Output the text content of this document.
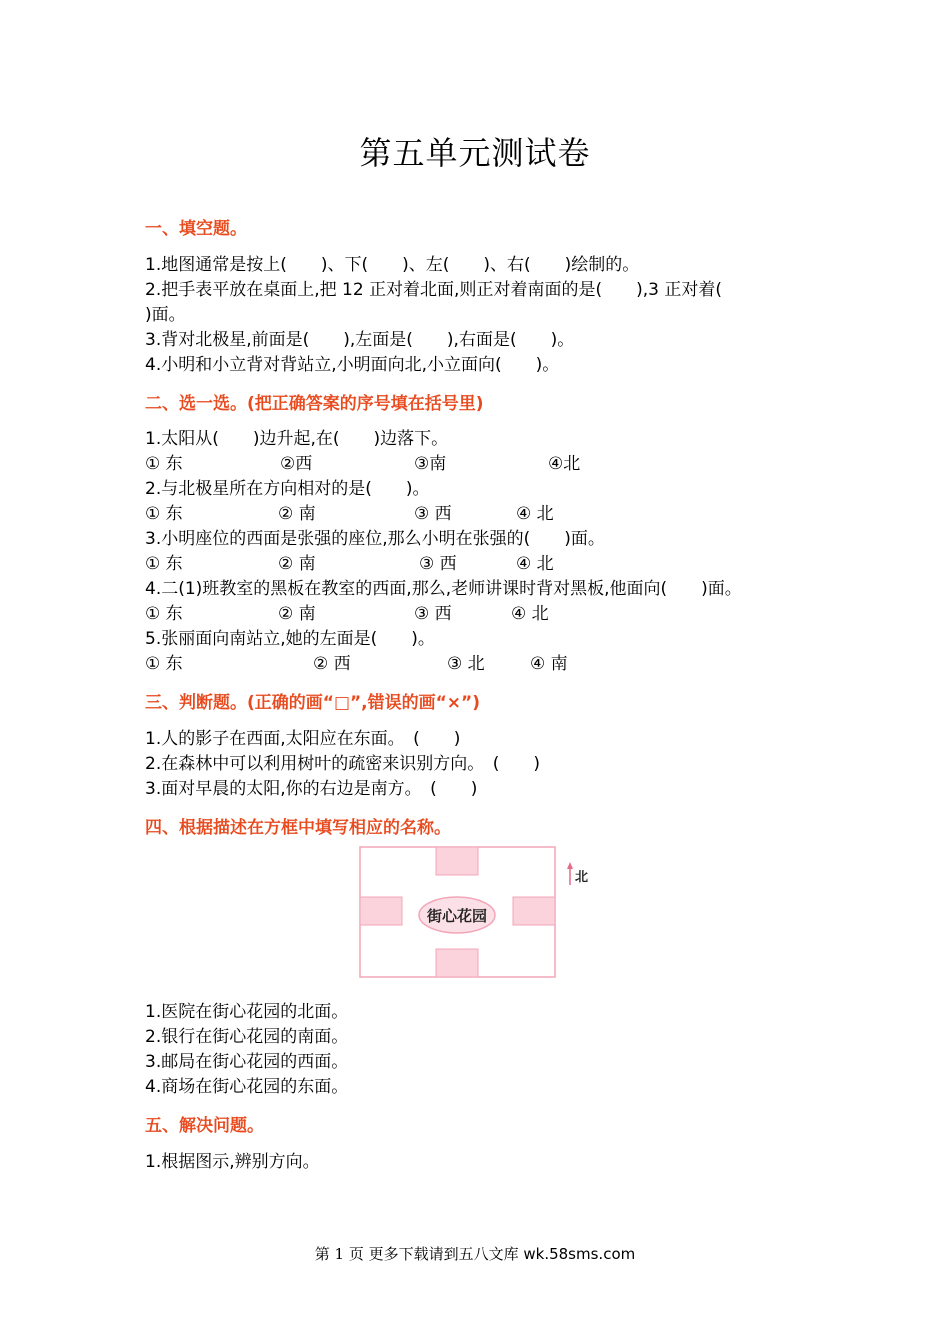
第五单元测试卷
一、填空题。
1.地图通常是按上(　　)、下(　　)、左(　　)、右(　　)绘制的。
2.把手表平放在桌面上,把 12 正对着北面,则正对着南面的是(　　),3 正对着(
)面。
3.背对北极星,前面是(　　),左面是(　　),右面是(　　)。
4.小明和小立背对背站立,小明面向北,小立面向(　　)。
二、选一选。(把正确答案的序号填在括号里)
1.太阳从(　　)边升起,在(　　)边落下。
① 东	②西	③南	④北
2.与北极星所在方向相对的是(　　)。
① 东	② 南	③ 西	④ 北
3.小明座位的西面是张强的座位,那么小明在张强的(　　)面。
① 东	② 南	③ 西	④ 北
4.二(1)班教室的黑板在教室的西面,那么,老师讲课时背对黑板,他面向(　　)面。
① 东	② 南	③ 西	④ 北
5.张丽面向南站立,她的左面是(　　)。
① 东	② 西	③ 北	④ 南
三、判断题。(正确的画“□”,错误的画“×”)
1.人的影子在西面,太阳应在东面。　(　　)
2.在森林中可以利用树叶的疏密来识别方向。　(　　)
3.面对早晨的太阳,你的右边是南方。　(　　)
四、根据描述在方框中填写相应的名称。
街心花园
北
1.医院在街心花园的北面。
2.银行在街心花园的南面。
3.邮局在街心花园的西面。
4.商场在街心花园的东面。
五、解决问题。
1.根据图示,辨别方向。
第 1 页 更多下载请到五八文库 wk.58sms.com
